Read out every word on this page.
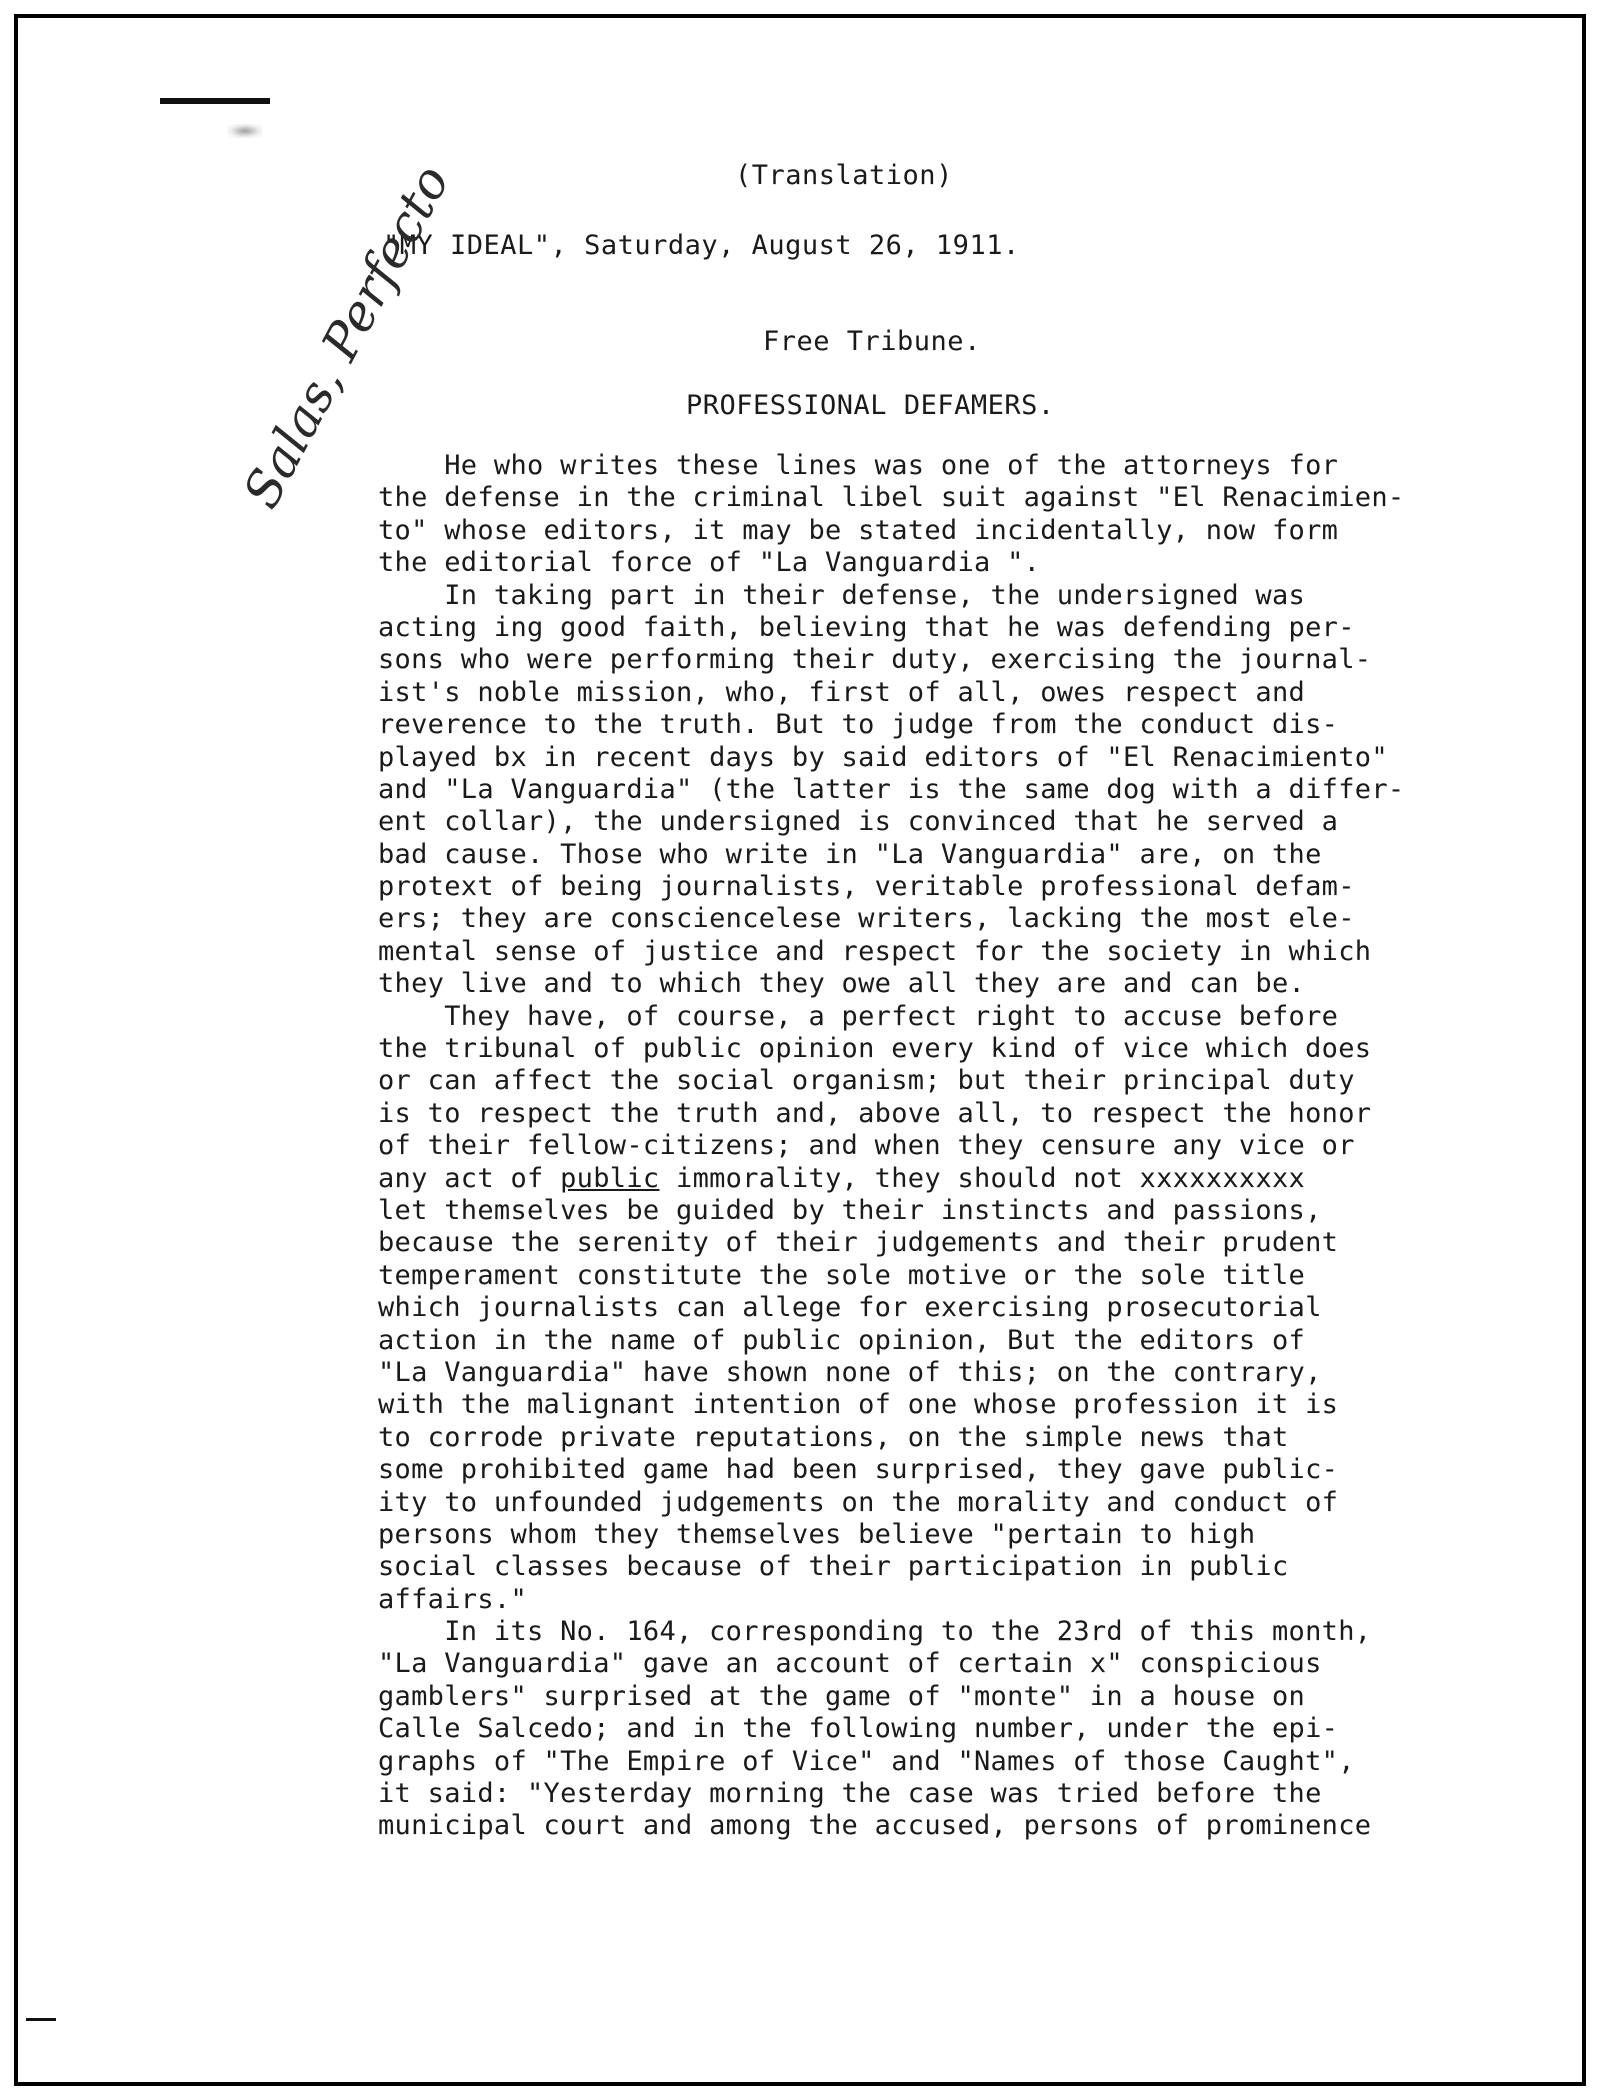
(Translation)
"MY IDEAL", Saturday, August 26, 1911.
Free Tribune.
PROFESSIONAL DEFAMERS.
Salas, Perfecto
He who writes these lines was one of the attorneys for
the defense in the criminal libel suit against "El Renacimien-
to" whose editors, it may be stated incidentally, now form
the editorial force of "La Vanguardia ".
In taking part in their defense, the undersigned was
acting ing good faith, believing that he was defending per-
sons who were performing their duty, exercising the journal-
ist's noble mission, who, first of all, owes respect and
reverence to the truth. But to judge from the conduct dis-
played bx in recent days by said editors of "El Renacimiento"
and "La Vanguardia" (the latter is the same dog with a differ-
ent collar), the undersigned is convinced that he served a
bad cause. Those who write in "La Vanguardia" are, on the
protext of being journalists, veritable professional defam-
ers; they are consciencelese writers, lacking the most ele-
mental sense of justice and respect for the society in which
they live and to which they owe all they are and can be.
They have, of course, a perfect right to accuse before
the tribunal of public opinion every kind of vice which does
or can affect the social organism; but their principal duty
is to respect the truth and, above all, to respect the honor
of their fellow-citizens; and when they censure any vice or
any act of public immorality, they should not xxxxxxxxxx
let themselves be guided by their instincts and passions,
because the serenity of their judgements and their prudent
temperament constitute the sole motive or the sole title
which journalists can allege for exercising prosecutorial
action in the name of public opinion, But the editors of
"La Vanguardia" have shown none of this; on the contrary,
with the malignant intention of one whose profession it is
to corrode private reputations, on the simple news that
some prohibited game had been surprised, they gave public-
ity to unfounded judgements on the morality and conduct of
persons whom they themselves believe "pertain to high
social classes because of their participation in public
affairs."
In its No. 164, corresponding to the 23rd of this month,
"La Vanguardia" gave an account of certain x" conspicious
gamblers" surprised at the game of "monte" in a house on
Calle Salcedo; and in the following number, under the epi-
graphs of "The Empire of Vice" and "Names of those Caught",
it said: "Yesterday morning the case was tried before the
municipal court and among the accused, persons of prominence
